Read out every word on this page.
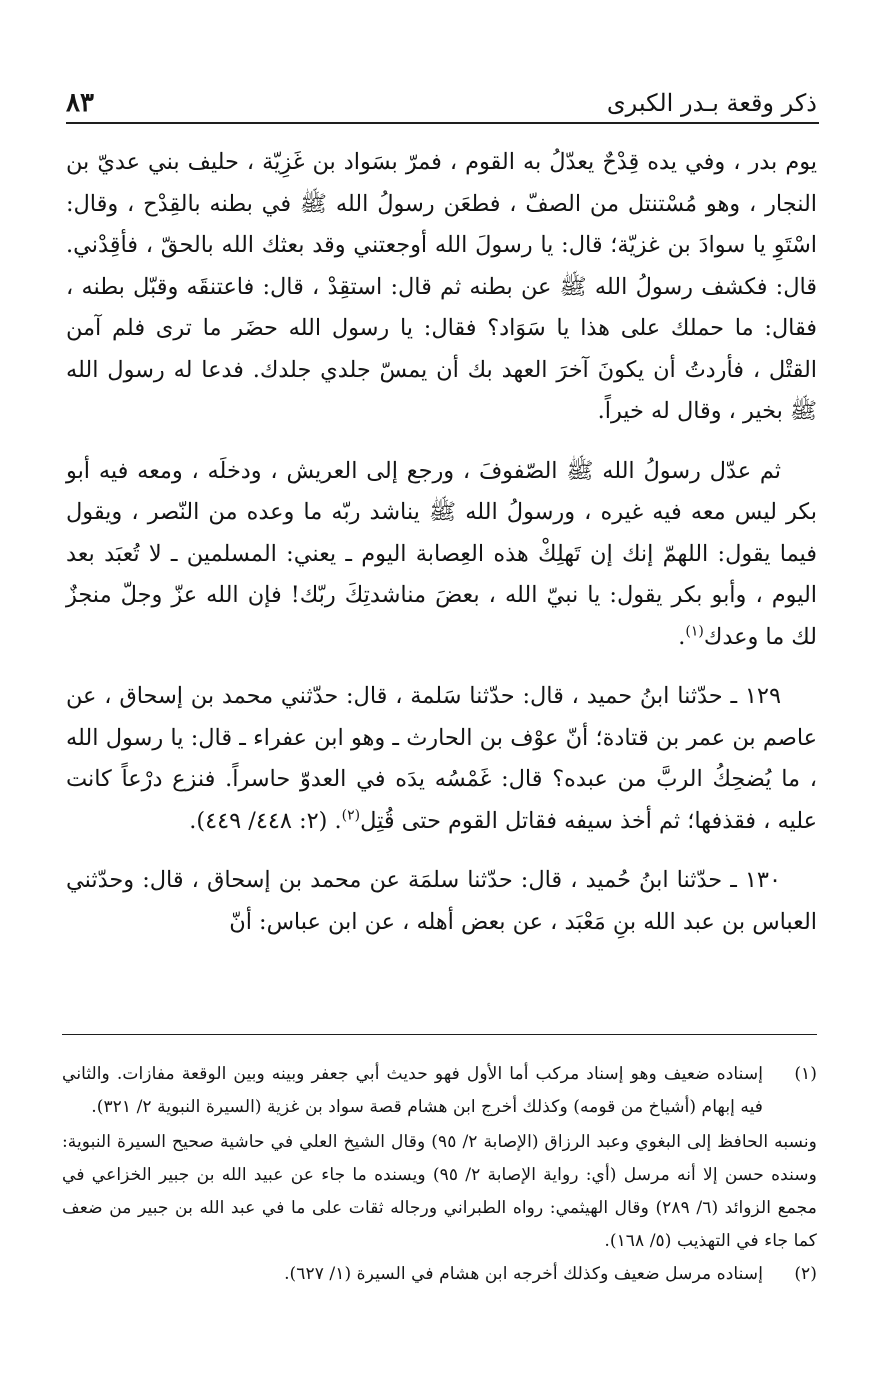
ذكر وقعة بـدر الكبرى
٨٣

يوم بدر ، وفي يده قِدْحٌ يعدّلُ به القوم ، فمرّ بسَواد بن غَزِيّة ، حليف بني عديّ بن النجار ، وهو مُسْتنتل من الصفّ ، فطعَن رسولُ الله ﷺ في بطنه بالقِدْح ، وقال: اسْتَوِ يا سوادَ بن غزيّة؛ قال: يا رسولَ الله أوجعتني وقد بعثك الله بالحقّ ، فأقِدْني. قال: فكشف رسولُ الله ﷺ عن بطنه ثم قال: استقِدْ ، قال: فاعتنقَه وقبّل بطنه ، فقال: ما حملك على هذا يا سَوَاد؟ فقال: يا رسول الله حضَر ما ترى فلم آمن القتْل ، فأردتُ أن يكونَ آخرَ العهد بك أن يمسّ جلدي جلدك. فدعا له رسول الله ﷺ بخير ، وقال له خيراً.

ثم عدّل رسولُ الله ﷺ الصّفوفَ ، ورجع إلى العريش ، ودخلَه ، ومعه فيه أبو بكر ليس معه فيه غيره ، ورسولُ الله ﷺ يناشد ربّه ما وعده من النّصر ، ويقول فيما يقول: اللهمّ إنك إن تَهلِكْ هذه العِصابة اليوم ـ يعني: المسلمين ـ لا تُعبَد بعد اليوم ، وأبو بكر يقول: يا نبيّ الله ، بعضَ مناشدتِكَ ربّك! فإن الله عزّ وجلّ منجزٌ لك ما وعدك$^{(١)}$.

١٢٩ ـ حدّثنا ابنُ حميد ، قال: حدّثنا سَلمة ، قال: حدّثني محمد بن إسحاق ، عن عاصم بن عمر بن قتادة؛ أنّ عوْف بن الحارث ـ وهو ابن عفراء ـ قال: يا رسول الله ، ما يُضحِكُ الربَّ من عبده؟ قال: غَمْسُه يدَه في العدوّ حاسراً. فنزع درْعاً كانت عليه ، فقذفها؛ ثم أخذ سيفه فقاتل القوم حتى قُتِل$^{(٢)}$. (٢: ٤٤٨/ ٤٤٩).

١٣٠ ـ حدّثنا ابنُ حُميد ، قال: حدّثنا سلمَة عن محمد بن إسحاق ، قال: وحدّثني العباس بن عبد الله بنِ مَعْبَد ، عن بعض أهله ، عن ابن عباس: أنّ

(١)

إسناده ضعيف وهو إسناد مركب أما الأول فهو حديث أبي جعفر وبينه وبين الوقعة مفازات. والثاني فيه إبهام (أشياخ من قومه) وكذلك أخرج ابن هشام قصة سواد بن غزية (السيرة النبوية ٢/ ٣٢١).

ونسبه الحافظ إلى البغوي وعبد الرزاق (الإصابة ٢/ ٩٥) وقال الشيخ العلي في حاشية صحيح السيرة النبوية: وسنده حسن إلا أنه مرسل (أي: رواية الإصابة ٢/ ٩٥) ويسنده ما جاء عن عبيد الله بن جبير الخزاعي في مجمع الزوائد (٦/ ٢٨٩) وقال الهيثمي: رواه الطبراني ورجاله ثقات على ما في عبد الله بن جبير من ضعف كما جاء في التهذيب (٥/ ١٦٨).

(٢)

إسناده مرسل ضعيف وكذلك أخرجه ابن هشام في السيرة (١/ ٦٢٧).
